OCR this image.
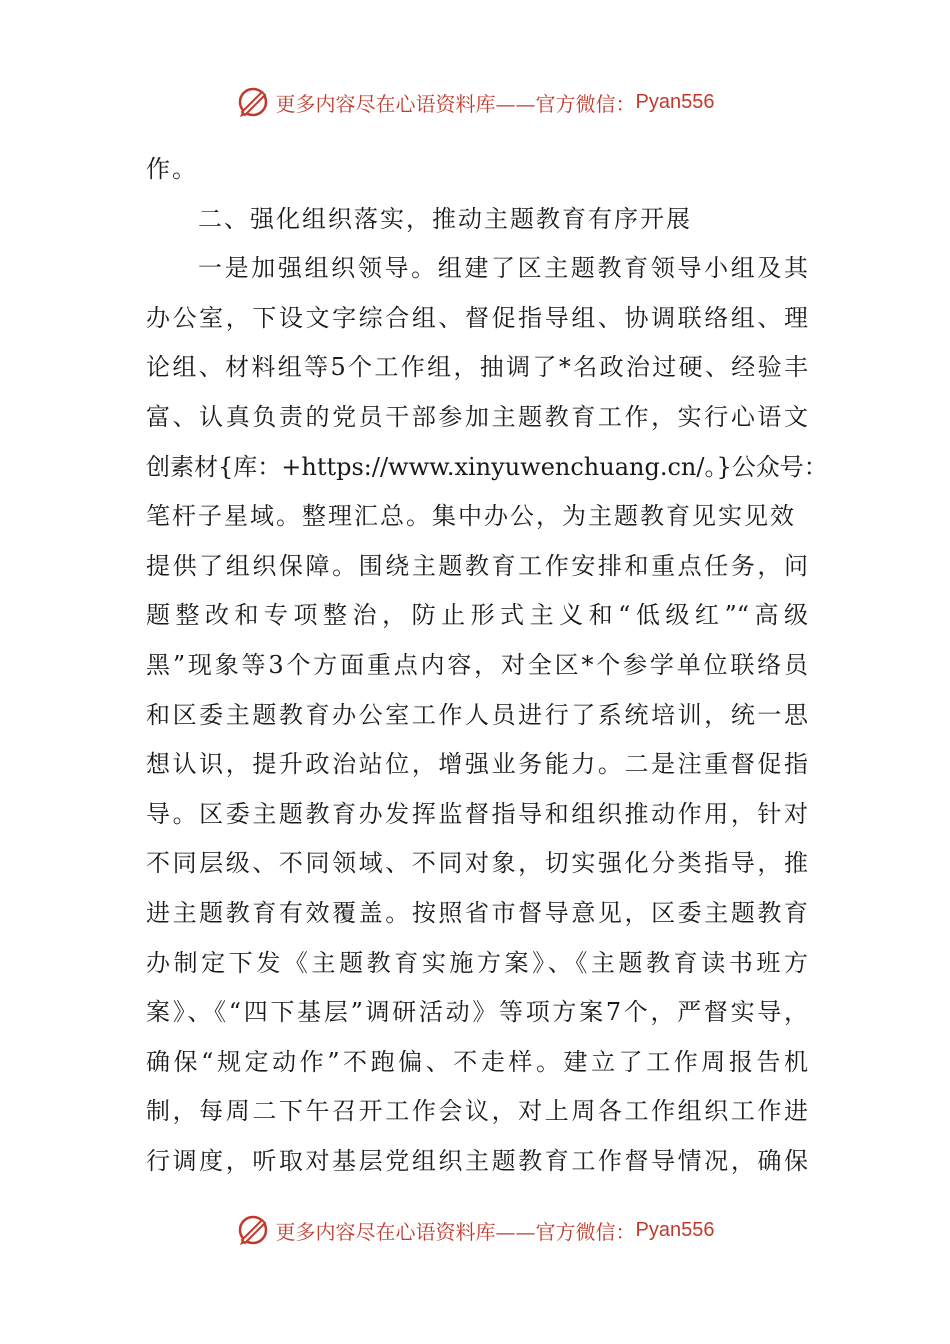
更多内容尽在心语资料库——官方微信： Pyan556
作。
二、强化组织落实，推动主题教育有序开展
一是加强组织领导。组建了区主题教育领导小组及其
办公室，下设文字综合组、督促指导组、协调联络组、理
论组、材料组等5个工作组，抽调了*名政治过硬、经验丰
富、认真负责的党员干部参加主题教育工作，实行心语文
创素材{库：+https://www.xinyuwenchuang.cn/。}公众号：
笔杆子星域。整理汇总。集中办公，为主题教育见实见效
提供了组织保障。围绕主题教育工作安排和重点任务，问
题整改和专项整治，防止形式主义和“低级红”“高级
黑”现象等3个方面重点内容，对全区*个参学单位联络员
和区委主题教育办公室工作人员进行了系统培训，统一思
想认识，提升政治站位，增强业务能力。二是注重督促指
导。区委主题教育办发挥监督指导和组织推动作用，针对
不同层级、不同领域、不同对象，切实强化分类指导，推
进主题教育有效覆盖。按照省市督导意见，区委主题教育
办制定下发《主题教育实施方案》、《主题教育读书班方
案》、《“四下基层”调研活动》等项方案7个，严督实导，
确保“规定动作”不跑偏、不走样。建立了工作周报告机
制，每周二下午召开工作会议，对上周各工作组织工作进
行调度，听取对基层党组织主题教育工作督导情况，确保
更多内容尽在心语资料库——官方微信： Pyan556
